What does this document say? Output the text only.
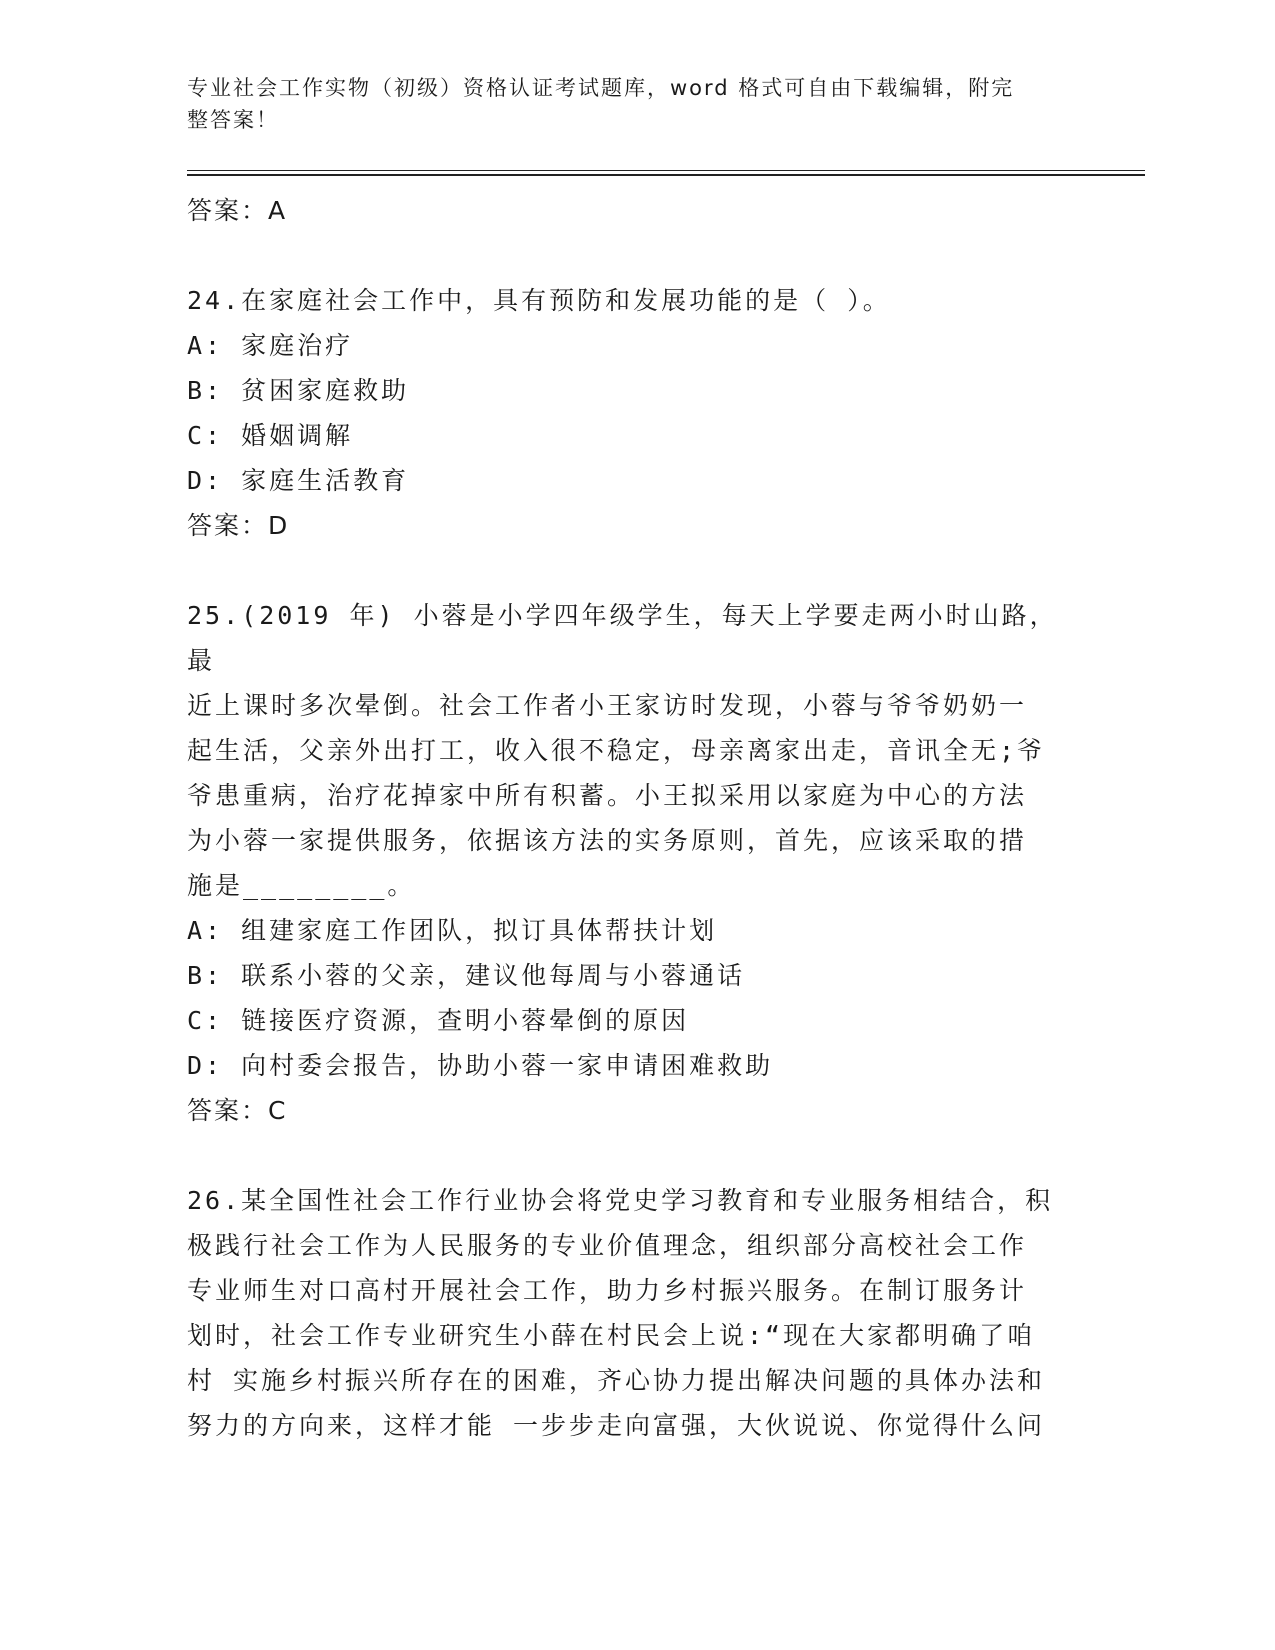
专业社会工作实物（初级）资格认证考试题库，word 格式可自由下载编辑，附完
整答案！
答案：A
24.在家庭社会工作中，具有预防和发展功能的是（ ）。
A: 家庭治疗
B: 贫困家庭救助
C: 婚姻调解
D: 家庭生活教育
答案：D
25.(2019 年) 小蓉是小学四年级学生，每天上学要走两小时山路，最
近上课时多次晕倒。社会工作者小王家访时发现，小蓉与爷爷奶奶一
起生活，父亲外出打工，收入很不稳定，母亲离家出走，音讯全无;爷
爷患重病，治疗花掉家中所有积蓄。小王拟采用以家庭为中心的方法
为小蓉一家提供服务，依据该方法的实务原则，首先，应该采取的措
施是________。
A: 组建家庭工作团队，拟订具体帮扶计划
B: 联系小蓉的父亲，建议他每周与小蓉通话
C: 链接医疗资源，查明小蓉晕倒的原因
D: 向村委会报告，协助小蓉一家申请困难救助
答案：C
26.某全国性社会工作行业协会将党史学习教育和专业服务相结合，积
极践行社会工作为人民服务的专业价值理念，组织部分高校社会工作
专业师生对口高村开展社会工作，助力乡村振兴服务。在制订服务计
划时，社会工作专业研究生小薛在村民会上说:“现在大家都明确了咱
村 实施乡村振兴所存在的困难，齐心协力提出解决问题的具体办法和
努力的方向来，这样才能 一步步走向富强，大伙说说、你觉得什么问
